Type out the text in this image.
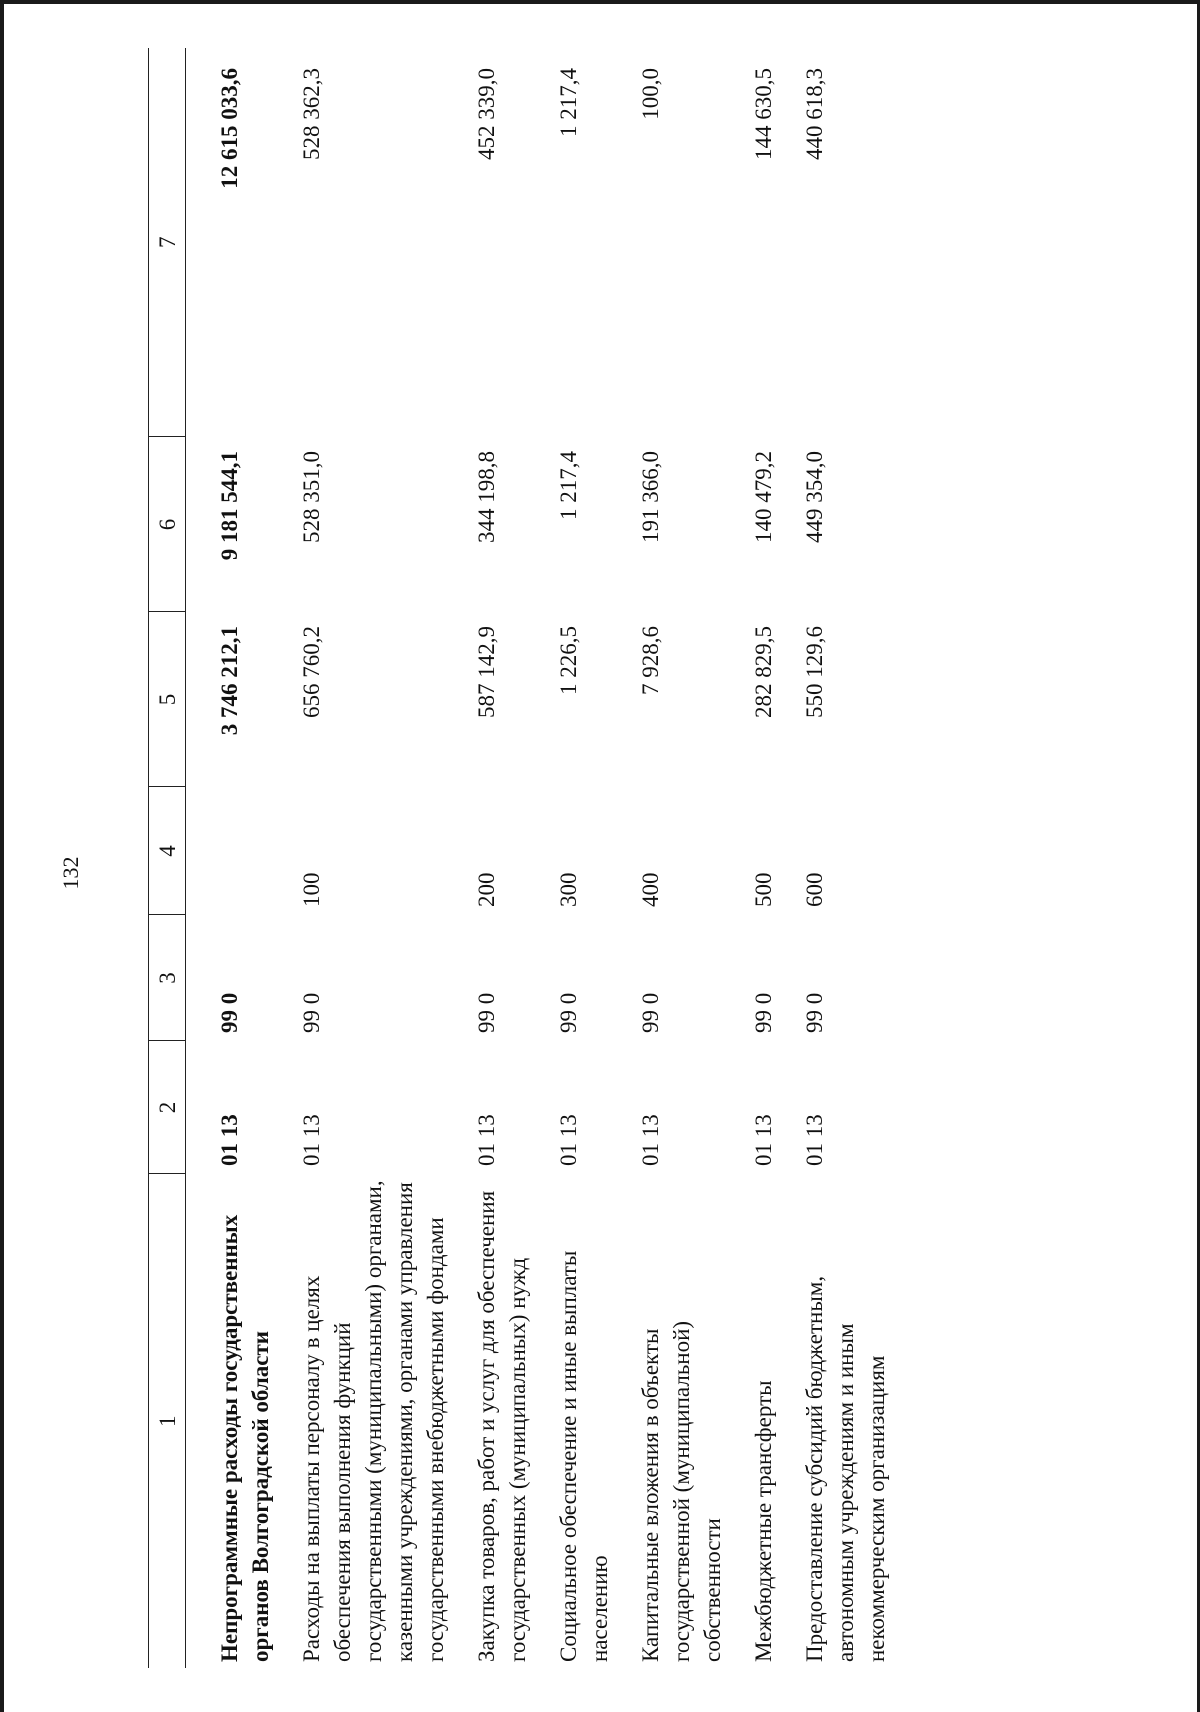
132
1	2	3	4	5	6	7
Непрограммные расходы государственных органов Волгоградской области	01 13	99 0		3 746 212,1	9 181 544,1	12 615 033,6
Расходы на выплаты персоналу в целях обеспечения выполнения функций государственными (муниципальными) органами, казенными учреждениями, органами управления государственными внебюджетными фондами	01 13	99 0	100	656 760,2	528 351,0	528 362,3
Закупка товаров, работ и услуг для обеспечения государственных (муниципальных) нужд	01 13	99 0	200	587 142,9	344 198,8	452 339,0
Социальное обеспечение и иные выплаты населению	01 13	99 0	300	1 226,5	1 217,4	1 217,4
Капитальные вложения в объекты государственной (муниципальной) собственности	01 13	99 0	400	7 928,6	191 366,0	100,0
Межбюджетные трансферты	01 13	99 0	500	282 829,5	140 479,2	144 630,5
Предоставление субсидий бюджетным, автономным учреждениям и иным некоммерческим организациям	01 13	99 0	600	550 129,6	449 354,0	440 618,3
